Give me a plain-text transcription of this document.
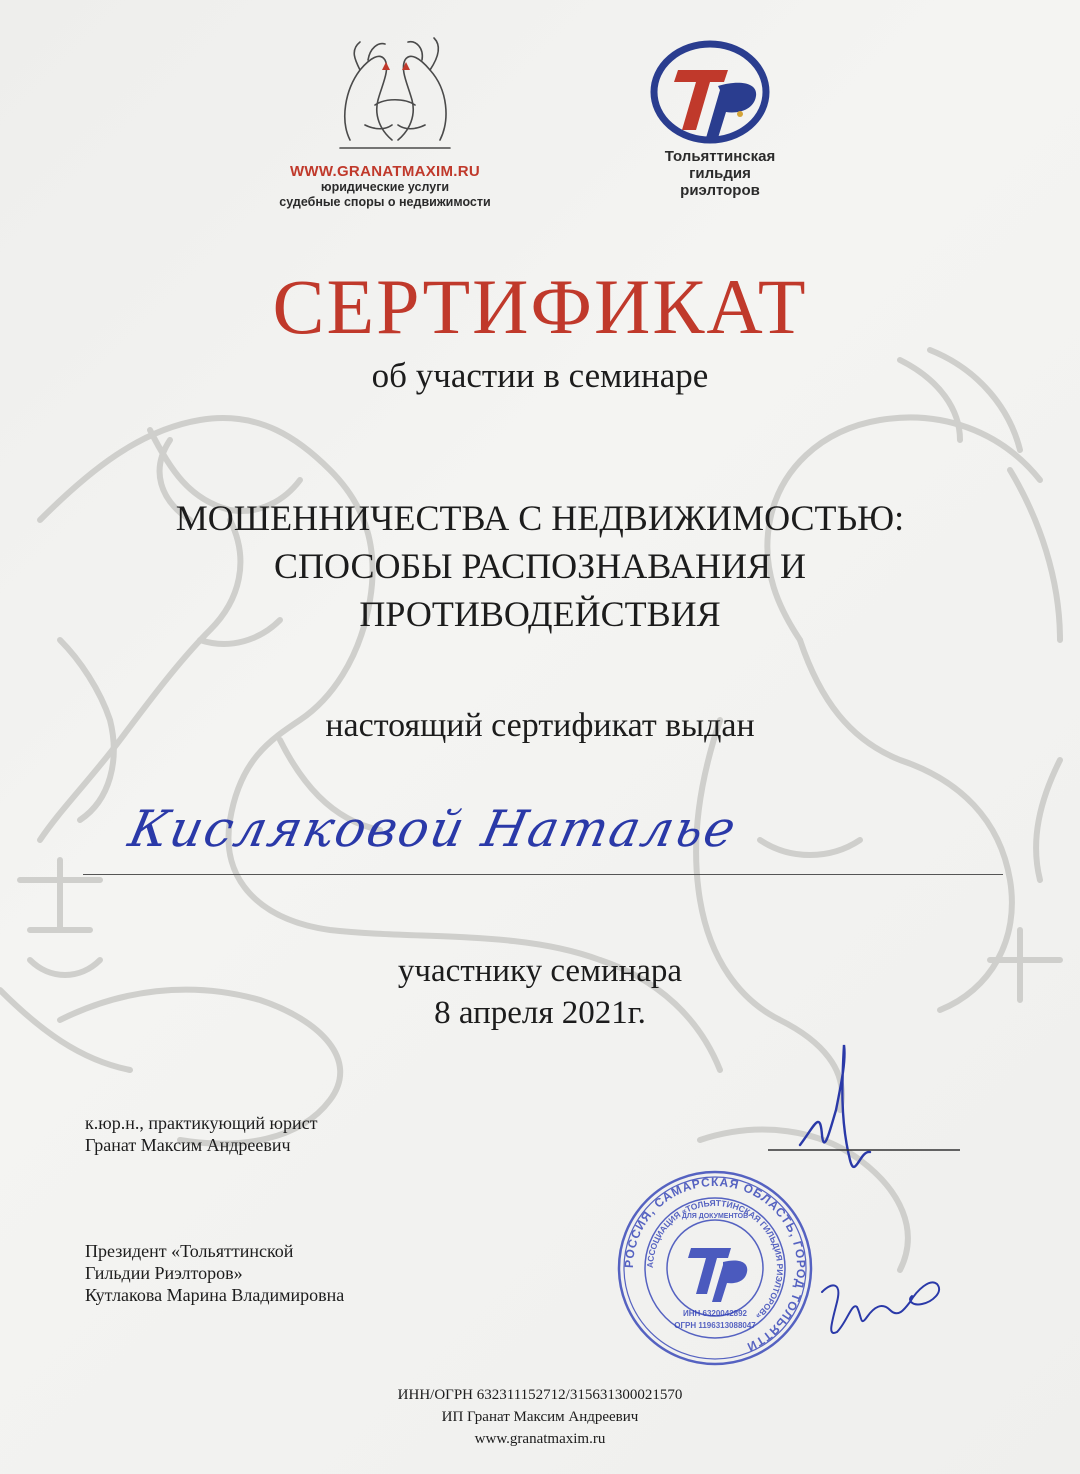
WWW.GRANATMAXIM.RU
юридические услуги
судебные споры о недвижимости
Тольяттинская
гильдия
риэлторов
СЕРТИФИКАТ
об участии в семинаре
МОШЕННИЧЕСТВА С НЕДВИЖИМОСТЬЮ:
СПОСОБЫ РАСПОЗНАВАНИЯ И
ПРОТИВОДЕЙСТВИЯ
настоящий сертификат выдан
Кисляковой Наталье
участнику семинара
8 апреля 2021г.
к.юр.н., практикующий юрист
Гранат Максим Андреевич
Президент «Тольяттинской
Гильдии Риэлторов»
Кутлакова Марина Владимировна
РОССИЯ, САМАРСКАЯ ОБЛАСТЬ, ГОРОД ТОЛЬЯТТИ
АССОЦИАЦИЯ «ТОЛЬЯТТИНСКАЯ ГИЛЬДИЯ РИЭЛТОРОВ»
ИНН 6320042892
ОГРН 1196313088047
ДЛЯ ДОКУМЕНТОВ
ИНН/ОГРН 632311152712/315631300021570
ИП Гранат Максим Андреевич
www.granatmaxim.ru
